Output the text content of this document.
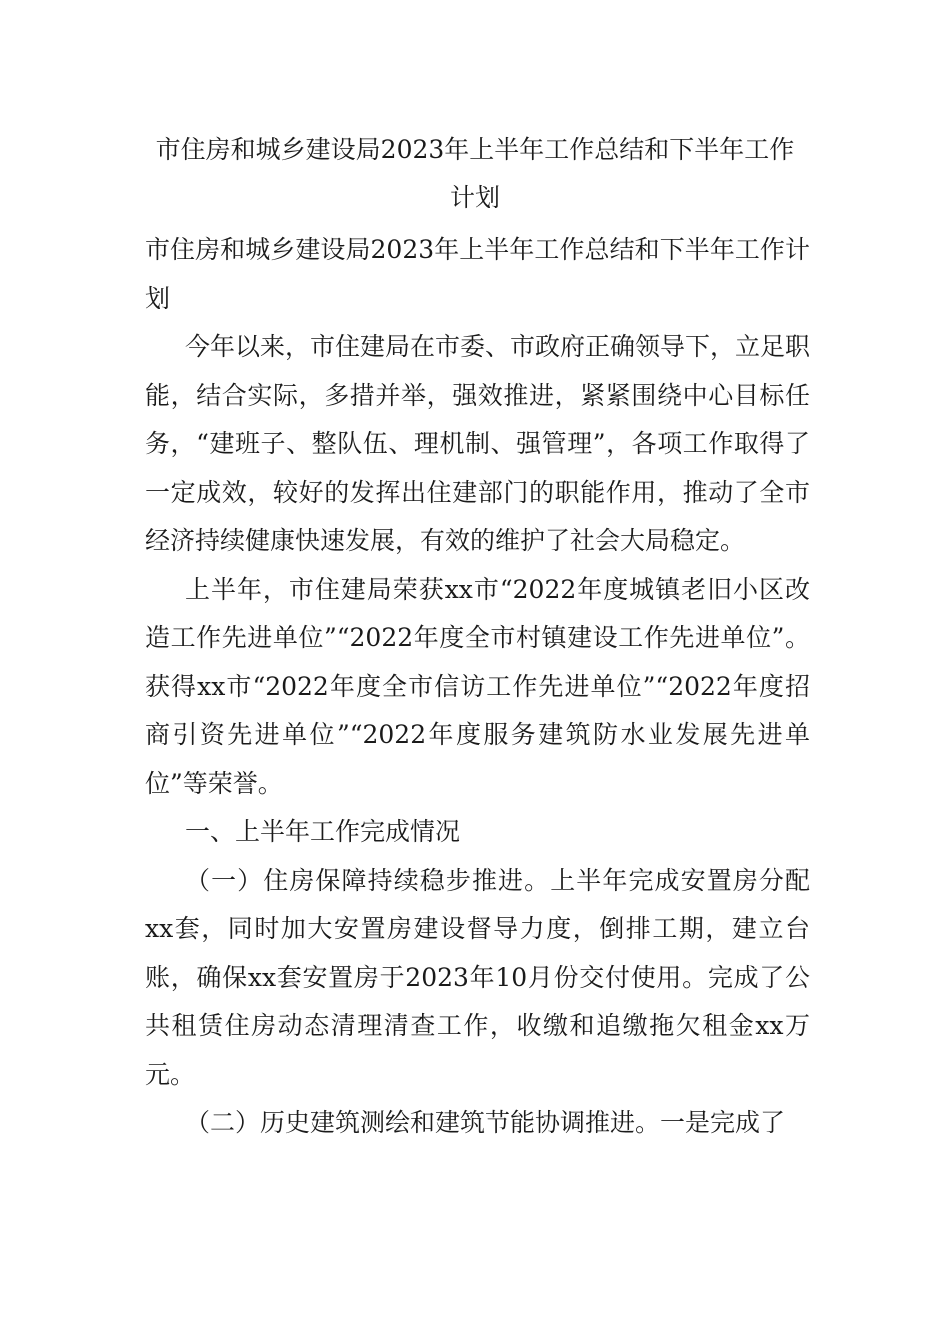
市住房和城乡建设局2023年上半年工作总结和下半年工作
计划

市住房和城乡建设局2023年上半年工作总结和下半年工作计划

今年以来，市住建局在市委、市政府正确领导下，立足职能，结合实际，多措并举，强效推进，紧紧围绕中心目标任务，“建班子、整队伍、理机制、强管理”，各项工作取得了一定成效，较好的发挥出住建部门的职能作用，推动了全市经济持续健康快速发展，有效的维护了社会大局稳定。

上半年，市住建局荣获xx市“2022年度城镇老旧小区改造工作先进单位”“2022年度全市村镇建设工作先进单位”。获得xx市“2022年度全市信访工作先进单位”“2022年度招商引资先进单位”“2022年度服务建筑防水业发展先进单位”等荣誉。

一、上半年工作完成情况

（一）住房保障持续稳步推进。上半年完成安置房分配xx套，同时加大安置房建设督导力度，倒排工期，建立台账，确保xx套安置房于2023年10月份交付使用。完成了公共租赁住房动态清理清查工作，收缴和追缴拖欠租金xx万元。

（二）历史建筑测绘和建筑节能协调推进。一是完成了
